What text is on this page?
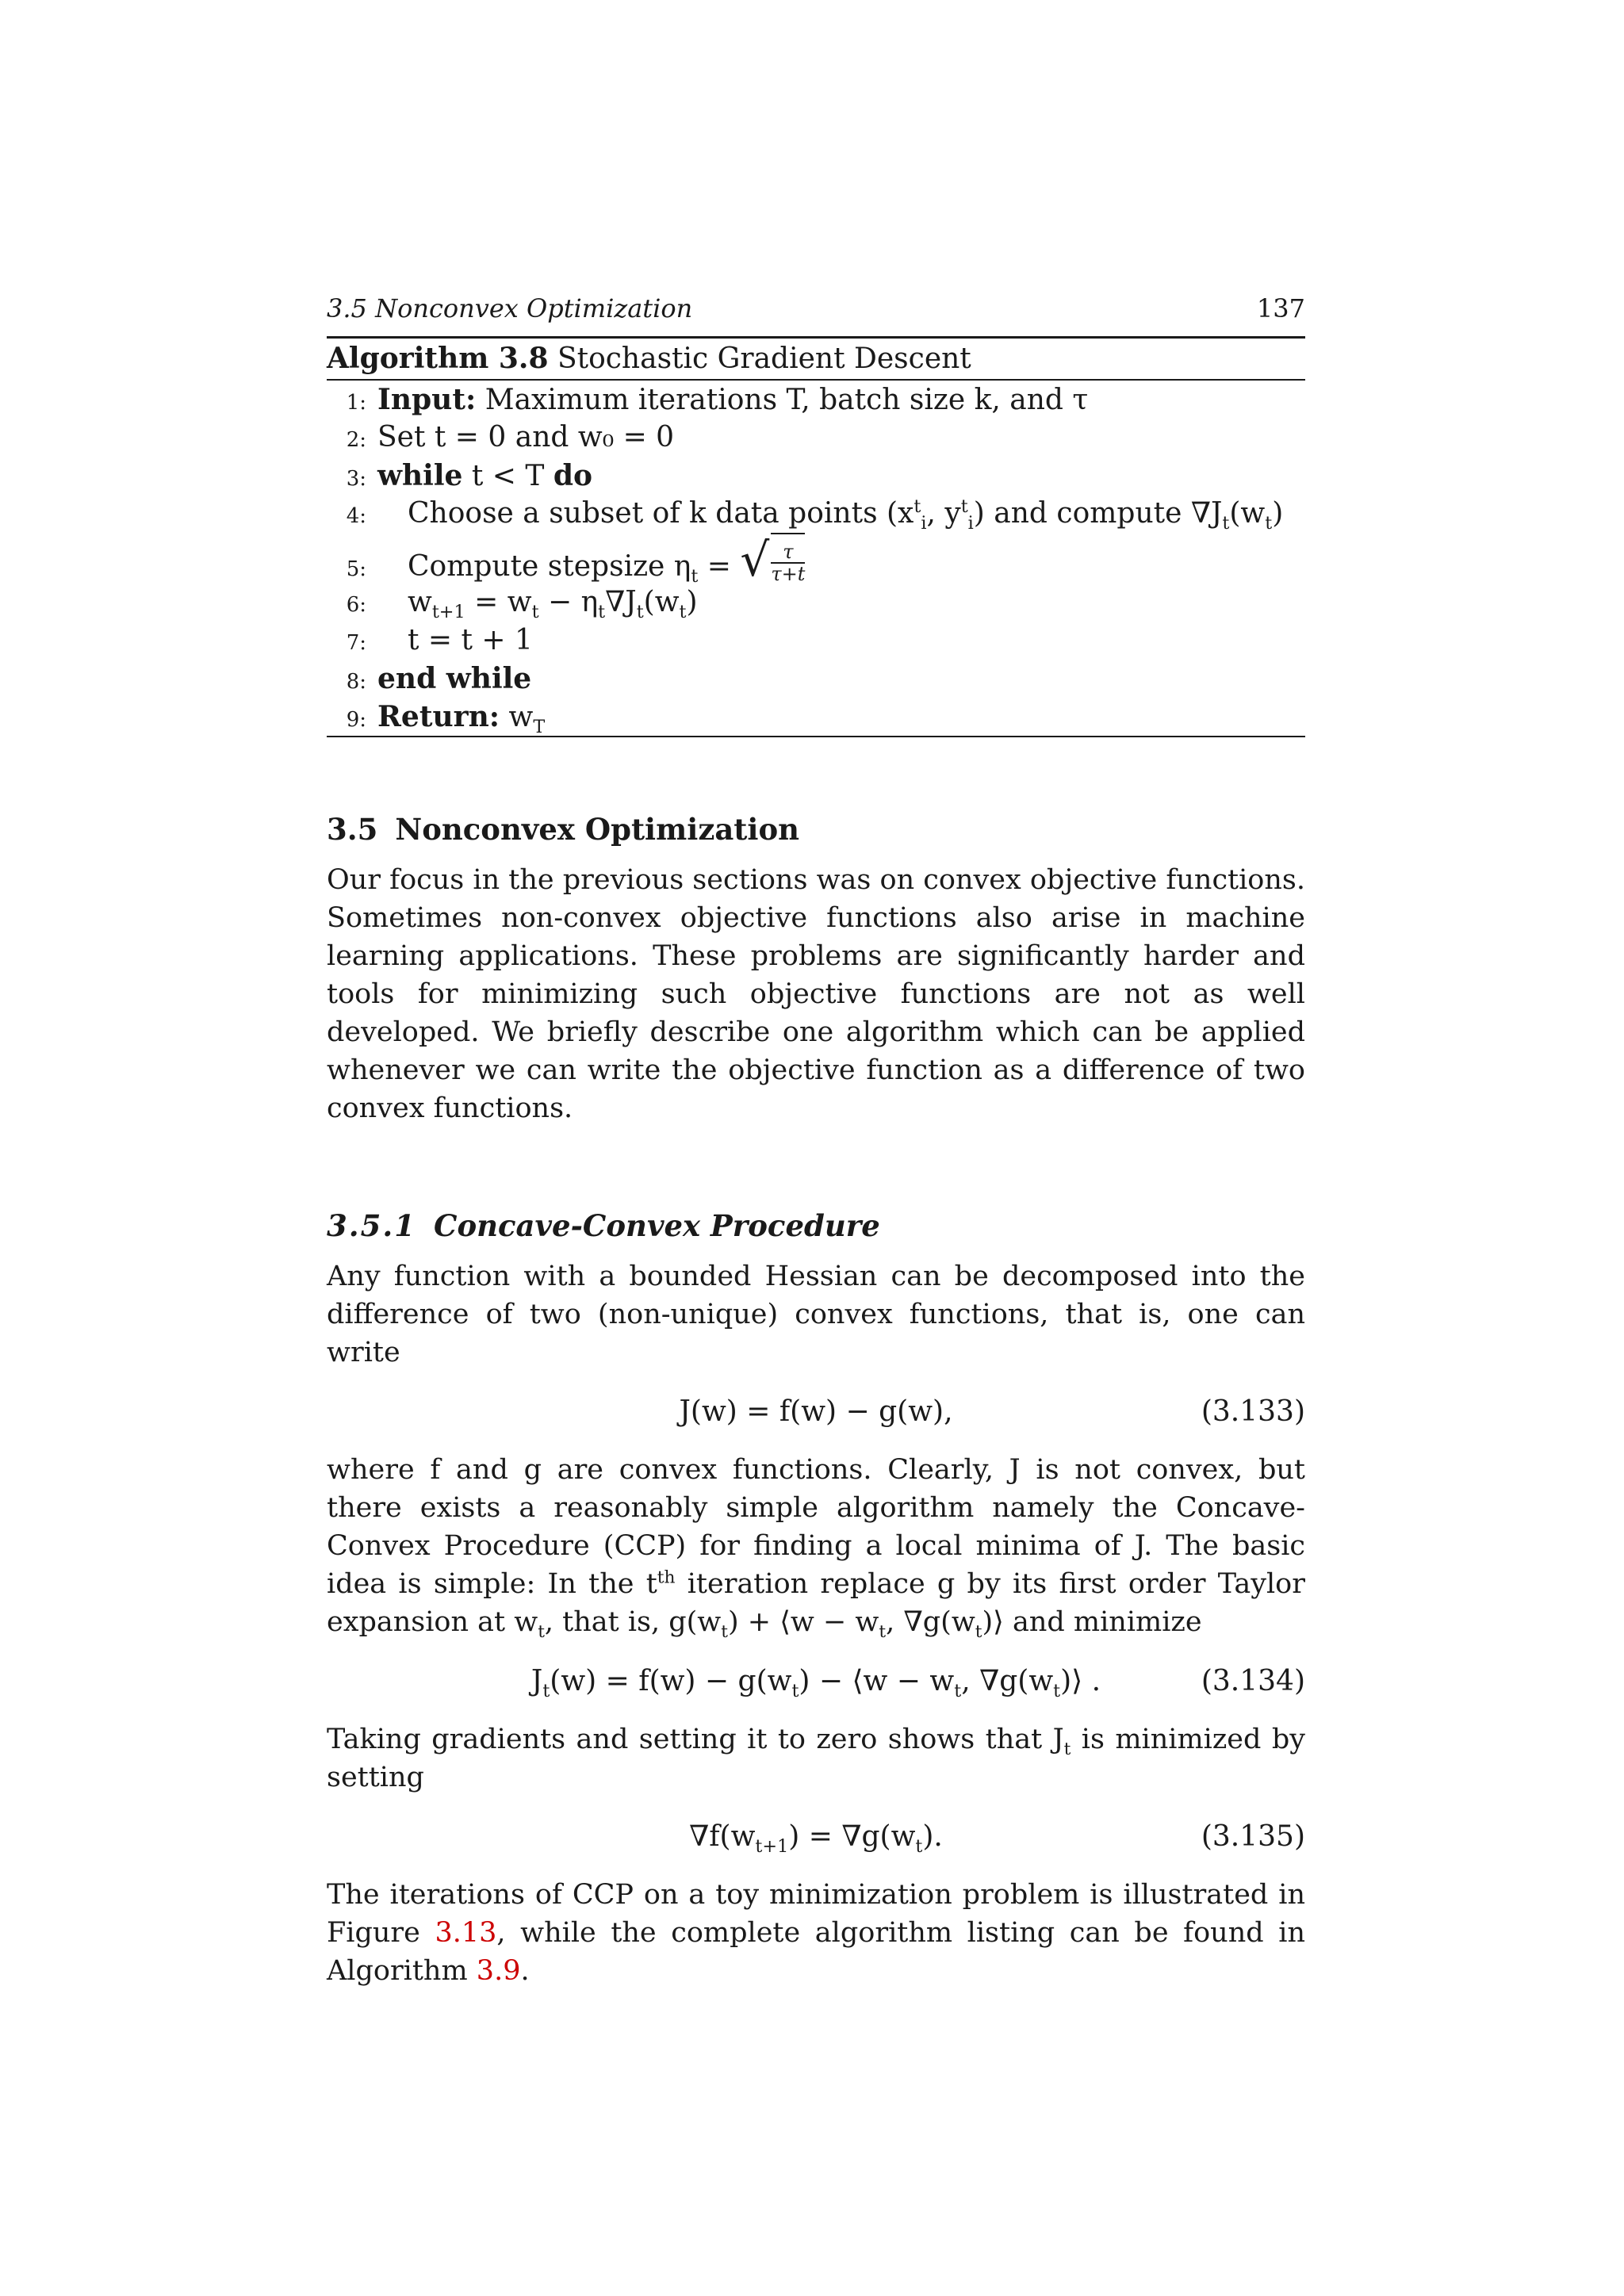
3.5 Nonconvex Optimization	137
Algorithm 3.8 Stochastic Gradient Descent
1: Input: Maximum iterations T, batch size k, and τ
2: Set t = 0 and w₀ = 0
3: while t < T do
4:	Choose a subset of k data points ($x^t_i$, $y^t_i$) and compute $\nabla J_t(w_t)$
5:	Compute stepsize $\eta_t$ = √ $\frac{\tau}{\tau+t}$
6:	$w_{t+1} = w_t - \eta_t\nabla J_t(w_t)$
7:	t = t + 1
8: end while
9: Return: $w_T$
3.5 Nonconvex Optimization

Our focus in the previous sections was on convex objective functions. Sometimes non-convex objective functions also arise in machine learning applications. These problems are significantly harder and tools for minimizing such objective functions are not as well developed. We briefly describe one algorithm which can be applied whenever we can write the objective function as a difference of two convex functions.

3.5.1 Concave-Convex Procedure

Any function with a bounded Hessian can be decomposed into the difference of two (non-unique) convex functions, that is, one can write

J(w) = f(w) − g(w),	(3.133)

where f and g are convex functions. Clearly, J is not convex, but there exists a reasonably simple algorithm namely the Concave-Convex Procedure (CCP) for finding a local minima of J. The basic idea is simple: In the $t^{th}$ iteration replace g by its first order Taylor expansion at $w_t$, that is, $g(w_t)$ + ⟨w − $w_t$, $\nabla g(w_t)⟩$ and minimize

$J_t(w) = f(w) - g(w_t)$ − ⟨w − $w_t$, $\nabla g(w_t)⟩$ .	(3.134)

Taking gradients and setting it to zero shows that $J_t$ is minimized by setting

$\nabla f(w_{t+1}) = \nabla g(w_t)$.	(3.135)

The iterations of CCP on a toy minimization problem is illustrated in Figure 3.13, while the complete algorithm listing can be found in Algorithm 3.9.
